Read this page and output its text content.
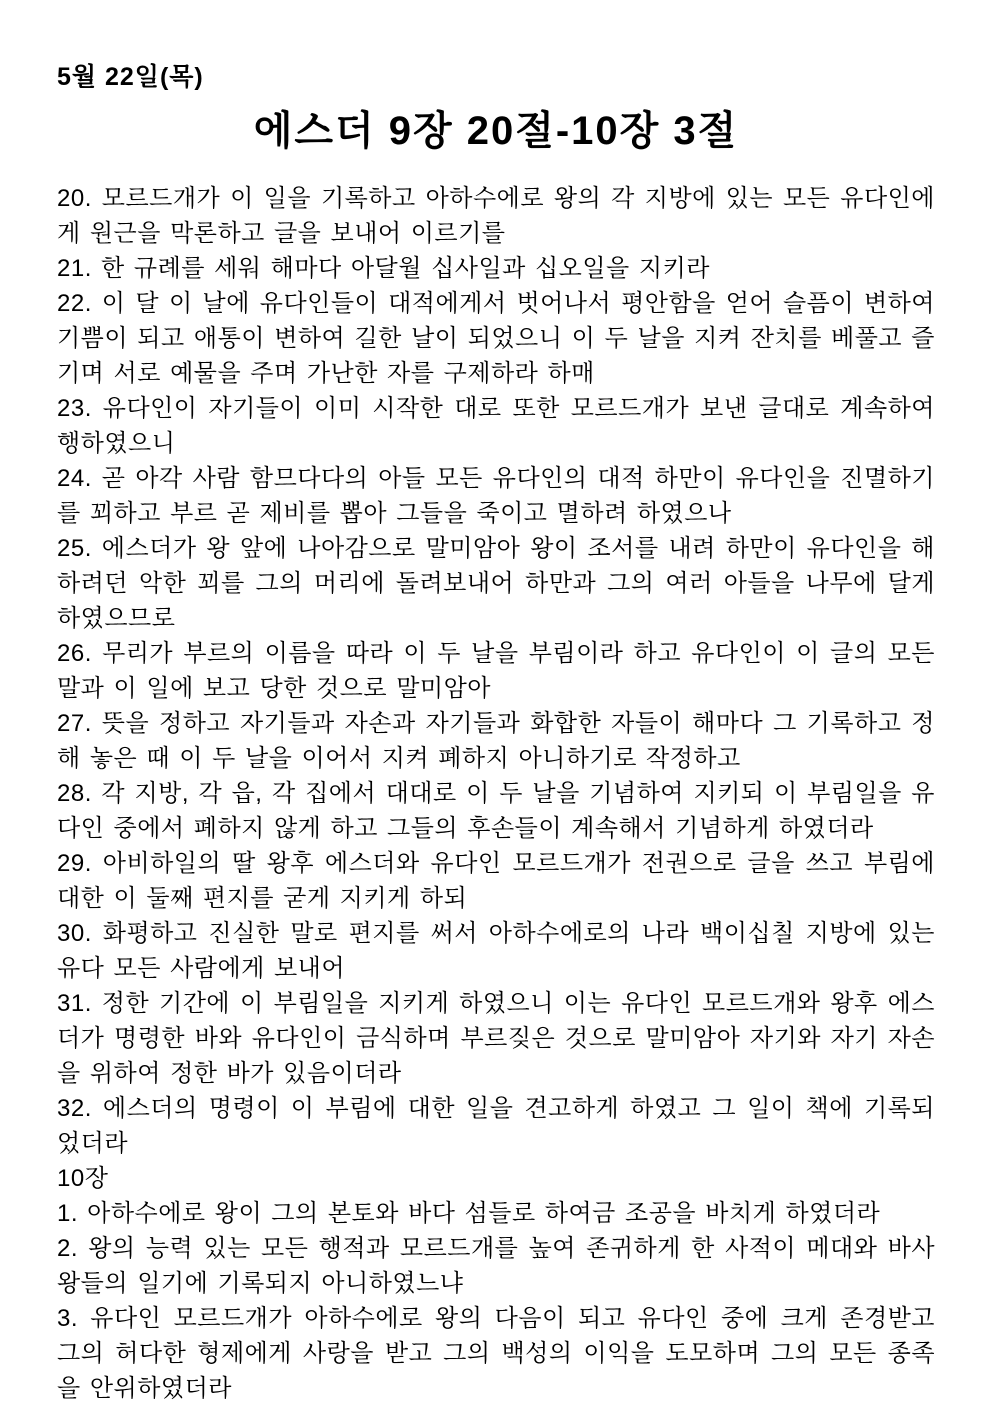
5월 22일(목)
에스더 9장 20절-10장 3절

20. 모르드개가 이 일을 기록하고 아하수에로 왕의 각 지방에 있는 모든 유다인에게 원근을 막론하고 글을 보내어 이르기를

21. 한 규례를 세워 해마다 아달월 십사일과 십오일을 지키라

22. 이 달 이 날에 유다인들이 대적에게서 벗어나서 평안함을 얻어 슬픔이 변하여 기쁨이 되고 애통이 변하여 길한 날이 되었으니 이 두 날을 지켜 잔치를 베풀고 즐기며 서로 예물을 주며 가난한 자를 구제하라 하매

23. 유다인이 자기들이 이미 시작한 대로 또한 모르드개가 보낸 글대로 계속하여 행하였으니

24. 곧 아각 사람 함므다다의 아들 모든 유다인의 대적 하만이 유다인을 진멸하기를 꾀하고 부르 곧 제비를 뽑아 그들을 죽이고 멸하려 하였으나

25. 에스더가 왕 앞에 나아감으로 말미암아 왕이 조서를 내려 하만이 유다인을 해하려던 악한 꾀를 그의 머리에 돌려보내어 하만과 그의 여러 아들을 나무에 달게 하였으므로

26. 무리가 부르의 이름을 따라 이 두 날을 부림이라 하고 유다인이 이 글의 모든 말과 이 일에 보고 당한 것으로 말미암아

27. 뜻을 정하고 자기들과 자손과 자기들과 화합한 자들이 해마다 그 기록하고 정해 놓은 때 이 두 날을 이어서 지켜 폐하지 아니하기로 작정하고

28. 각 지방, 각 읍, 각 집에서 대대로 이 두 날을 기념하여 지키되 이 부림일을 유다인 중에서 폐하지 않게 하고 그들의 후손들이 계속해서 기념하게 하였더라

29. 아비하일의 딸 왕후 에스더와 유다인 모르드개가 전권으로 글을 쓰고 부림에 대한 이 둘째 편지를 굳게 지키게 하되

30. 화평하고 진실한 말로 편지를 써서 아하수에로의 나라 백이십칠 지방에 있는 유다 모든 사람에게 보내어

31. 정한 기간에 이 부림일을 지키게 하였으니 이는 유다인 모르드개와 왕후 에스더가 명령한 바와 유다인이 금식하며 부르짖은 것으로 말미암아 자기와 자기 자손을 위하여 정한 바가 있음이더라

32. 에스더의 명령이 이 부림에 대한 일을 견고하게 하였고 그 일이 책에 기록되었더라

10장

1. 아하수에로 왕이 그의 본토와 바다 섬들로 하여금 조공을 바치게 하였더라

2. 왕의 능력 있는 모든 행적과 모르드개를 높여 존귀하게 한 사적이 메대와 바사 왕들의 일기에 기록되지 아니하였느냐

3. 유다인 모르드개가 아하수에로 왕의 다음이 되고 유다인 중에 크게 존경받고 그의 허다한 형제에게 사랑을 받고 그의 백성의 이익을 도모하며 그의 모든 종족을 안위하였더라
